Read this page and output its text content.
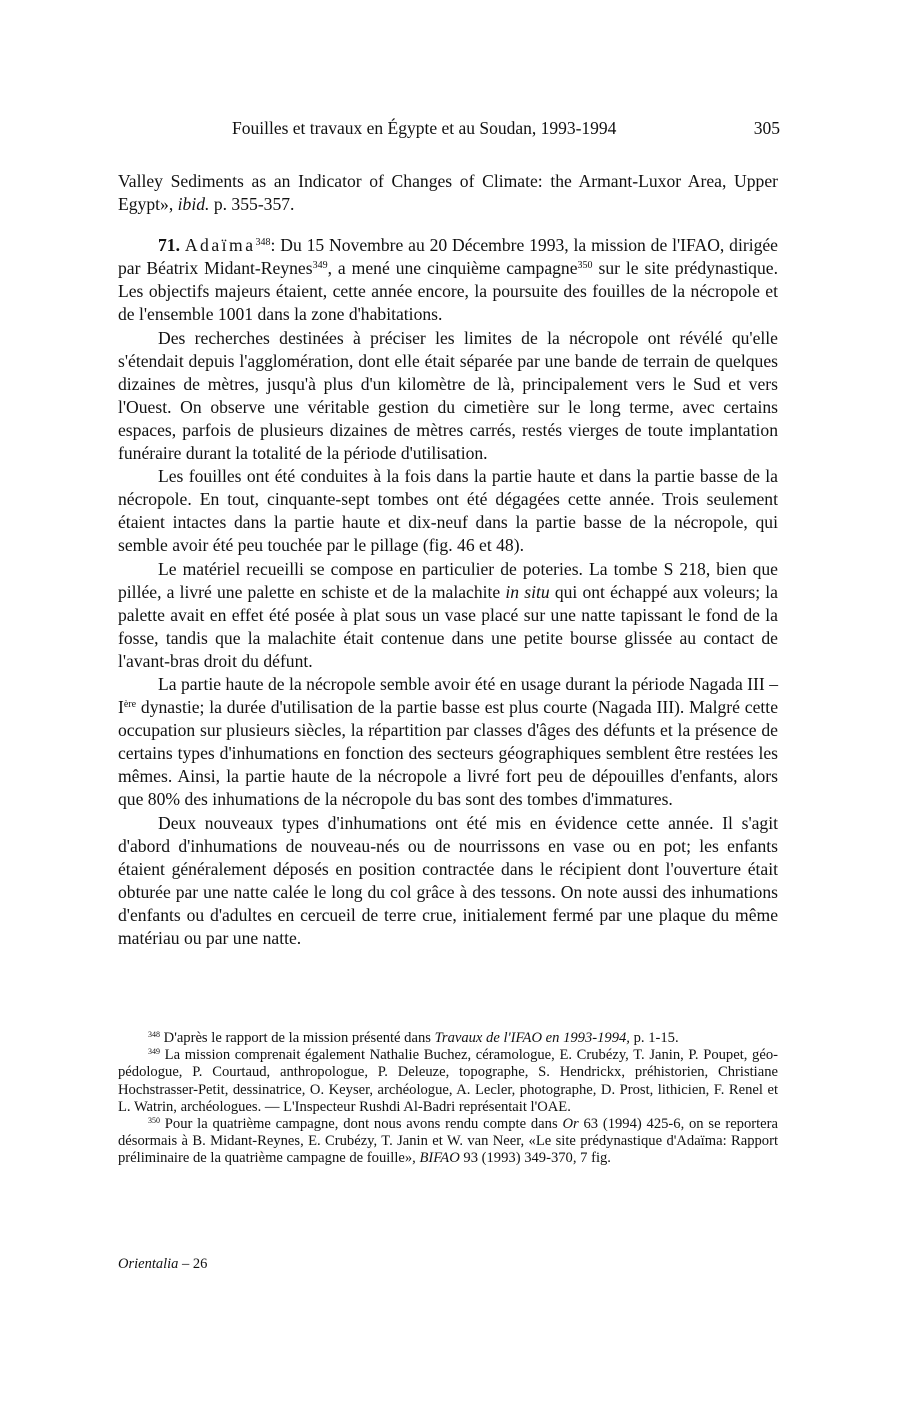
Fouilles et travaux en Égypte et au Soudan, 1993-1994	305

Valley Sediments as an Indicator of Changes of Climate: the Armant-Luxor Area, Upper Egypt», ibid. p. 355-357.

71. Adaïma$^{348}$: Du 15 Novembre au 20 Décembre 1993, la mission de l'IFAO, dirigée par Béatrix Midant-Reynes$^{349}$, a mené une cinquième campagne$^{350}$ sur le site prédynastique. Les objectifs majeurs étaient, cette année encore, la poursuite des fouilles de la nécropole et de l'ensemble 1001 dans la zone d'habitations.

Des recherches destinées à préciser les limites de la nécropole ont révélé qu'elle s'étendait depuis l'agglomération, dont elle était séparée par une bande de terrain de quelques dizaines de mètres, jusqu'à plus d'un kilomètre de là, principalement vers le Sud et vers l'Ouest. On observe une véritable gestion du cimetière sur le long terme, avec certains espaces, parfois de plusieurs dizaines de mètres carrés, restés vierges de toute implantation funéraire durant la totalité de la période d'utilisation.

Les fouilles ont été conduites à la fois dans la partie haute et dans la partie basse de la nécropole. En tout, cinquante-sept tombes ont été dégagées cette année. Trois seulement étaient intactes dans la partie haute et dix-neuf dans la partie basse de la nécropole, qui semble avoir été peu touchée par le pillage (fig. 46 et 48).

Le matériel recueilli se compose en particulier de poteries. La tombe S 218, bien que pillée, a livré une palette en schiste et de la malachite in situ qui ont échappé aux voleurs; la palette avait en effet été posée à plat sous un vase placé sur une natte tapissant le fond de la fosse, tandis que la malachite était contenue dans une petite bourse glissée au contact de l'avant-bras droit du défunt.

La partie haute de la nécropole semble avoir été en usage durant la période Nagada III – Ière dynastie; la durée d'utilisation de la partie basse est plus courte (Nagada III). Malgré cette occupation sur plusieurs siècles, la répartition par classes d'âges des défunts et la présence de certains types d'inhumations en fonction des secteurs géographiques semblent être restées les mêmes. Ainsi, la partie haute de la nécropole a livré fort peu de dépouilles d'enfants, alors que 80% des inhumations de la nécropole du bas sont des tombes d'immatures.

Deux nouveaux types d'inhumations ont été mis en évidence cette année. Il s'agit d'abord d'inhumations de nouveau-nés ou de nourrissons en vase ou en pot; les enfants étaient généralement déposés en position contractée dans le récipient dont l'ouverture était obturée par une natte calée le long du col grâce à des tessons. On note aussi des inhumations d'enfants ou d'adultes en cercueil de terre crue, initialement fermé par une plaque du même matériau ou par une natte.

$^{348}$ D'après le rapport de la mission présenté dans Travaux de l'IFAO en 1993-1994, p. 1-15.

$^{349}$ La mission comprenait également Nathalie Buchez, céramologue, E. Crubézy, T. Janin, P. Poupet, géo-pédologue, P. Courtaud, anthropologue, P. Deleuze, topographe, S. Hendrickx, préhistorien, Christiane Hochstrasser-Petit, dessinatrice, O. Keyser, archéologue, A. Lecler, photographe, D. Prost, lithicien, F. Renel et L. Watrin, archéologues. — L'Inspecteur Rushdi Al-Badri représentait l'OAE.

$^{350}$ Pour la quatrième campagne, dont nous avons rendu compte dans Or 63 (1994) 425-6, on se reportera désormais à B. Midant-Reynes, E. Crubézy, T. Janin et W. van Neer, «Le site prédynastique d'Adaïma: Rapport préliminaire de la quatrième campagne de fouille», BIFAO 93 (1993) 349-370, 7 fig.

Orientalia – 26
